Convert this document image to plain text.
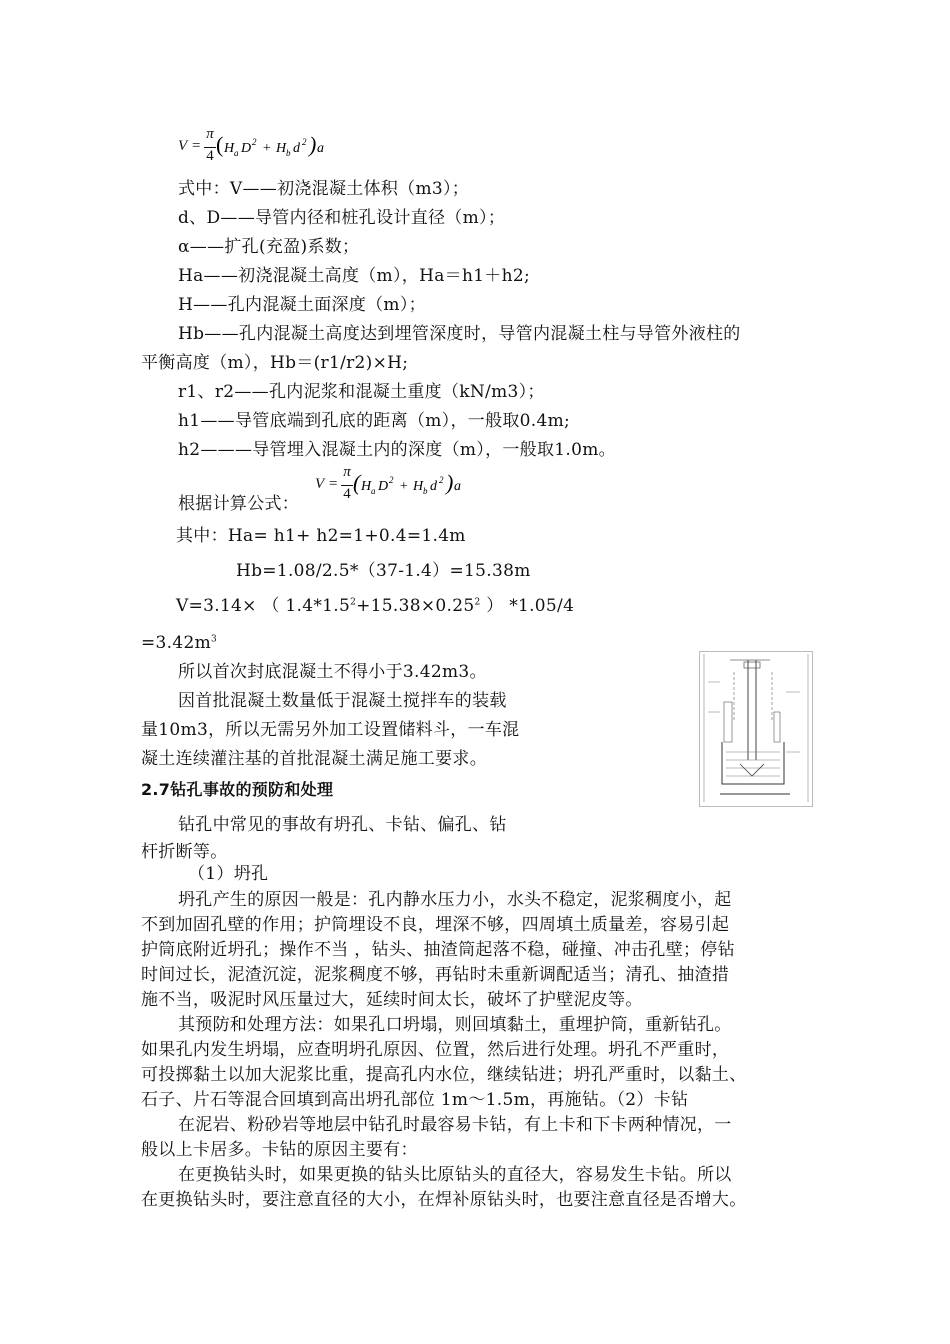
V =
π
4 ( H a D 2 + H b d 2 ) a
式中：V——初浇混凝土体积（m3）；
d、D——导管内径和桩孔设计直径（m）；
α——扩孔(充盈)系数；
Ha——初浇混凝土高度（m），Ha＝h1＋h2;
H——孔内混凝土面深度（m）；
Hb——孔内混凝土高度达到埋管深度时，导管内混凝土柱与导管外液柱的
平衡高度（m），Hb＝(r1/r2)×H;
r1、r2——孔内泥浆和混凝土重度（kN/m3）；
h1——导管底端到孔底的距离（m），一般取0.4m;
h2———导管埋入混凝土内的深度（m），一般取1.0m。
V =
π
4 ( H a D 2 + H b d 2 ) a
根据计算公式：
其中：Ha= h1+ h2=1+0.4=1.4m
Hb=1.08/2.5*（37-1.4）=15.38m
V=3.14× （ $1.4*1.5^2+15.38\times 0.25^2$ ） *1.05/4
$=3.42m^3$
所以首次封底混凝土不得小于3.42m3。
因首批混凝土数量低于混凝土搅拌车的装载
量10m3，所以无需另外加工设置储料斗，一车混
凝土连续灌注基的首批混凝土满足施工要求。
2.7钻孔事故的预防和处理
钻孔中常见的事故有坍孔、卡钻、偏孔、钻
杆折断等。
（1）坍孔
坍孔产生的原因一般是：孔内静水压力小，水头不稳定，泥浆稠度小，起
不到加固孔壁的作用；护筒埋设不良，埋深不够，四周填土质量差，容易引起
护筒底附近坍孔；操作不当 ，钻头、抽渣筒起落不稳，碰撞、冲击孔壁；停钻
时间过长，泥渣沉淀，泥浆稠度不够，再钻时未重新调配适当；清孔、抽渣措
施不当，吸泥时风压量过大，延续时间太长，破坏了护壁泥皮等。
其预防和处理方法：如果孔口坍塌，则回填黏土，重埋护筒，重新钻孔。
如果孔内发生坍塌，应查明坍孔原因、位置，然后进行处理。坍孔不严重时，
可投掷黏土以加大泥浆比重，提高孔内水位，继续钻进；坍孔严重时，以黏土、
石子、片石等混合回填到高出坍孔部位 1m～1.5m，再施钻。（2）卡钻
在泥岩、粉砂岩等地层中钻孔时最容易卡钻，有上卡和下卡两种情况，一
般以上卡居多。卡钻的原因主要有：
在更换钻头时，如果更换的钻头比原钻头的直径大，容易发生卡钻。所以
在更换钻头时，要注意直径的大小，在焊补原钻头时，也要注意直径是否增大。
